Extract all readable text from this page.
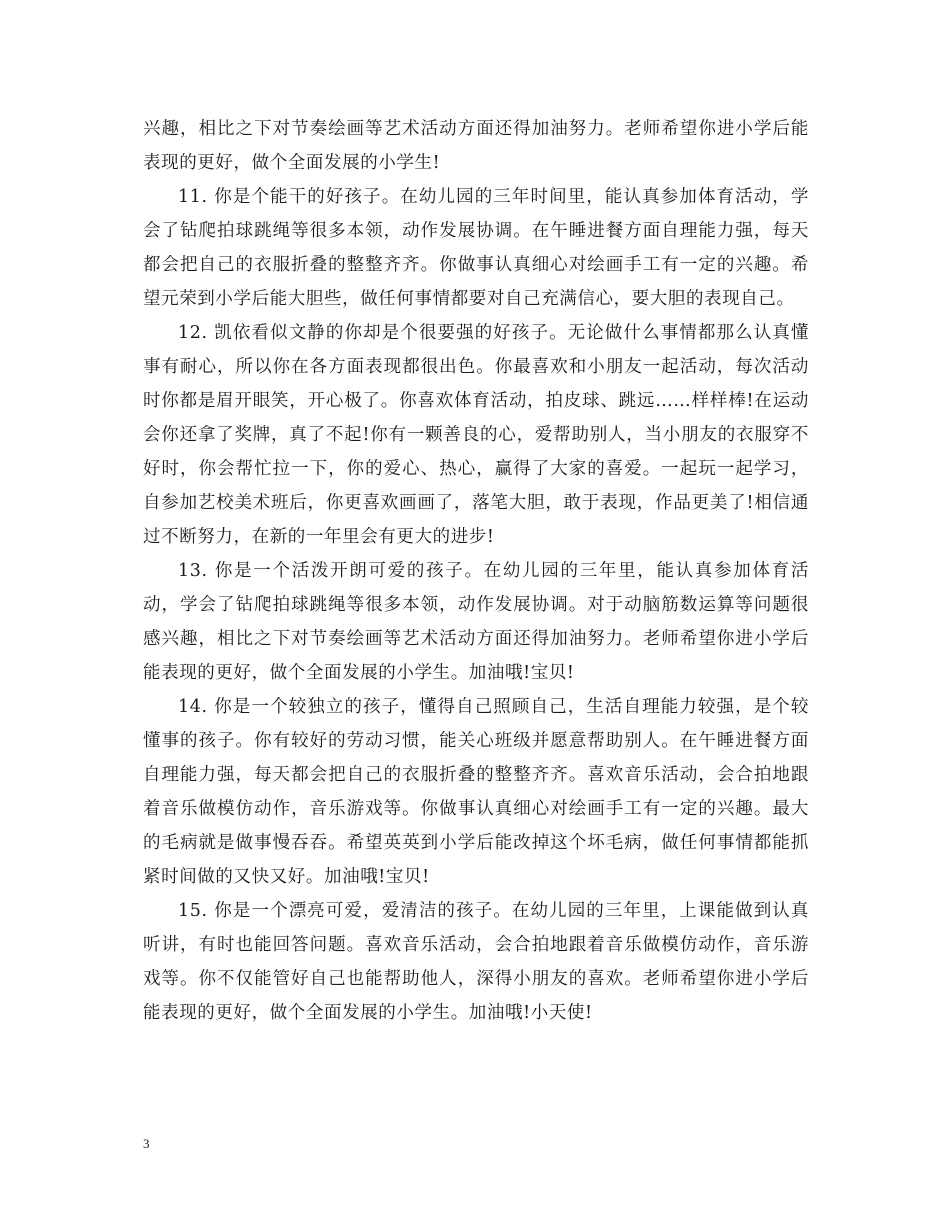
兴趣，相比之下对节奏绘画等艺术活动方面还得加油努力。老师希望你进小学后能表现的更好，做个全面发展的小学生!

11. 你是个能干的好孩子。在幼儿园的三年时间里，能认真参加体育活动，学会了钻爬拍球跳绳等很多本领，动作发展协调。在午睡进餐方面自理能力强，每天都会把自己的衣服折叠的整整齐齐。你做事认真细心对绘画手工有一定的兴趣。希望元荣到小学后能大胆些，做任何事情都要对自己充满信心，要大胆的表现自己。

12. 凯依看似文静的你却是个很要强的好孩子。无论做什么事情都那么认真懂事有耐心，所以你在各方面表现都很出色。你最喜欢和小朋友一起活动，每次活动时你都是眉开眼笑，开心极了。你喜欢体育活动，拍皮球、跳远……样样棒!在运动会你还拿了奖牌，真了不起!你有一颗善良的心，爱帮助别人，当小朋友的衣服穿不好时，你会帮忙拉一下，你的爱心、热心，赢得了大家的喜爱。一起玩一起学习，自参加艺校美术班后，你更喜欢画画了，落笔大胆，敢于表现，作品更美了!相信通过不断努力，在新的一年里会有更大的进步!

13. 你是一个活泼开朗可爱的孩子。在幼儿园的三年里，能认真参加体育活动，学会了钻爬拍球跳绳等很多本领，动作发展协调。对于动脑筋数运算等问题很感兴趣，相比之下对节奏绘画等艺术活动方面还得加油努力。老师希望你进小学后能表现的更好，做个全面发展的小学生。加油哦!宝贝!

14. 你是一个较独立的孩子，懂得自己照顾自己，生活自理能力较强，是个较懂事的孩子。你有较好的劳动习惯，能关心班级并愿意帮助别人。在午睡进餐方面自理能力强，每天都会把自己的衣服折叠的整整齐齐。喜欢音乐活动，会合拍地跟着音乐做模仿动作，音乐游戏等。你做事认真细心对绘画手工有一定的兴趣。最大的毛病就是做事慢吞吞。希望英英到小学后能改掉这个坏毛病，做任何事情都能抓紧时间做的又快又好。加油哦!宝贝!

15. 你是一个漂亮可爱，爱清洁的孩子。在幼儿园的三年里，上课能做到认真听讲，有时也能回答问题。喜欢音乐活动，会合拍地跟着音乐做模仿动作，音乐游戏等。你不仅能管好自己也能帮助他人，深得小朋友的喜欢。老师希望你进小学后能表现的更好，做个全面发展的小学生。加油哦!小天使!

3
